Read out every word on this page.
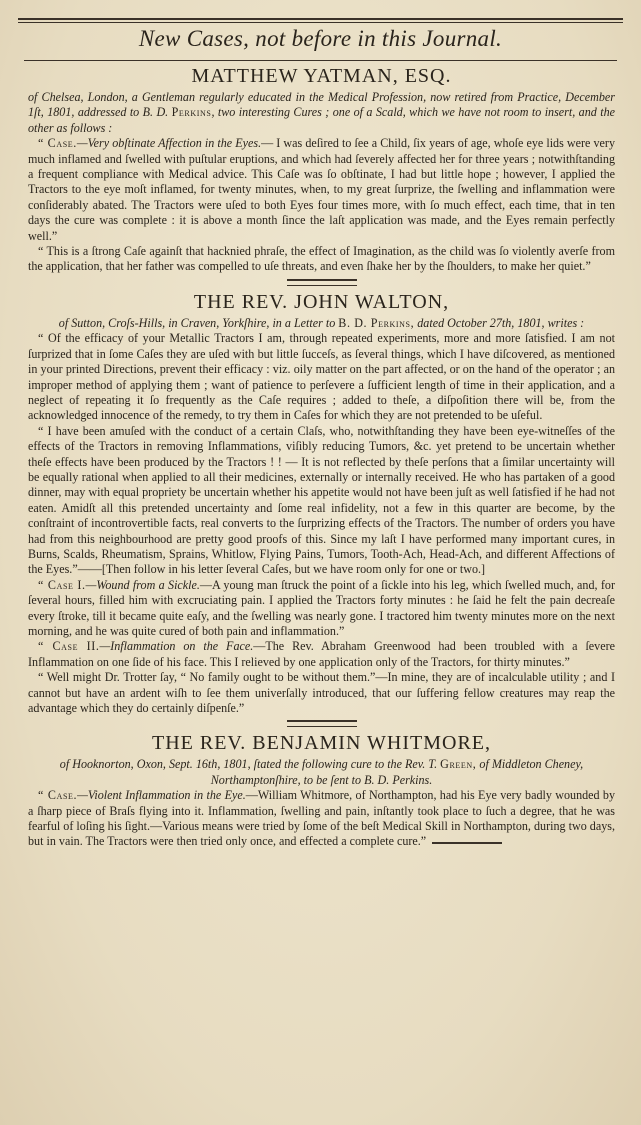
New Cases, not before in this Journal.
MATTHEW YATMAN, ESQ.
of Chelsea, London, a Gentleman regularly educated in the Medical Profession, now retired from Practice, December 1ſt, 1801, addressed to B. D. Perkins, two interesting Cures ; one of a Scald, which we have not room to insert, and the other as follows :

“ Case.—Very obſtinate Affection in the Eyes.— I was deſired to ſee a Child, ſix years of age, whoſe eye lids were very much inflamed and ſwelled with puſtular eruptions, and which had ſeverely affected her for three years ; notwithſtanding a frequent compliance with Medical advice. This Caſe was ſo obſtinate, I had but little hope ; however, I applied the Tractors to the eye moſt inflamed, for twenty minutes, when, to my great ſurprize, the ſwelling and inflammation were conſiderably abated. The Tractors were uſed to both Eyes four times more, with ſo much effect, each time, that in ten days the cure was complete : it is above a month ſince the laſt application was made, and the Eyes remain perfectly well.”

“ This is a ſtrong Caſe againſt that hacknied phraſe, the effect of Imagination, as the child was ſo violently averſe from the application, that her father was compelled to uſe threats, and even ſhake her by the ſhoulders, to make her quiet.”

THE REV. JOHN WALTON,
of Sutton, Croſs-Hills, in Craven, Yorkſhire, in a Letter to B. D. Perkins, dated October 27th, 1801, writes :

“ Of the efficacy of your Metallic Tractors I am, through repeated experiments, more and more ſatisfied. I am not ſurprized that in ſome Caſes they are uſed with but little ſucceſs, as ſeveral things, which I have diſcovered, as mentioned in your printed Directions, prevent their efficacy : viz. oily matter on the part affected, or on the hand of the operator ; an improper method of applying them ; want of patience to perſevere a ſufficient length of time in their application, and a neglect of repeating it ſo frequently as the Caſe requires ; added to theſe, a diſpoſition there will be, from the acknowledged innocence of the remedy, to try them in Caſes for which they are not pretended to be uſeful.

“ I have been amuſed with the conduct of a certain Claſs, who, notwithſtanding they have been eye-witneſſes of the effects of the Tractors in removing Inflammations, viſibly reducing Tumors, &c. yet pretend to be uncertain whether theſe effects have been produced by the Tractors ! ! — It is not reflected by theſe perſons that a ſimilar uncertainty will be equally rational when applied to all their medicines, externally or internally received. He who has partaken of a good dinner, may with equal propriety be uncertain whether his appetite would not have been juſt as well ſatisfied if he had not eaten. Amidſt all this pretended uncertainty and ſome real infidelity, not a few in this quarter are become, by the conſtraint of incontrovertible facts, real converts to the ſurprizing effects of the Tractors. The number of orders you have had from this neighbourhood are pretty good proofs of this. Since my laſt I have performed many important cures, in Burns, Scalds, Rheumatism, Sprains, Whitlow, Flying Pains, Tumors, Tooth-Ach, Head-Ach, and different Affections of the Eyes.”——[Then follow in his letter ſeveral Caſes, but we have room only for one or two.]

“ Case I.—Wound from a Sickle.—A young man ſtruck the point of a ſickle into his leg, which ſwelled much, and, for ſeveral hours, filled him with excruciating pain. I applied the Tractors forty minutes : he ſaid he felt the pain decreaſe every ſtroke, till it became quite eaſy, and the ſwelling was nearly gone. I tractored him twenty minutes more on the next morning, and he was quite cured of both pain and inflammation.”

“ Case II.—Inflammation on the Face.—The Rev. Abraham Greenwood had been troubled with a ſevere Inflammation on one ſide of his face. This I relieved by one application only of the Tractors, for thirty minutes.”

“ Well might Dr. Trotter ſay, “ No family ought to be without them.”—In mine, they are of incalculable utility ; and I cannot but have an ardent wiſh to ſee them univerſally introduced, that our ſuffering fellow creatures may reap the advantage which they do certainly diſpenſe.”

THE REV. BENJAMIN WHITMORE,
of Hooknorton, Oxon, Sept. 16th, 1801, ſtated the following cure to the Rev. T. Green, of Middleton Cheney, Northamptonſhire, to be ſent to B. D. Perkins.

“ Case.—Violent Inflammation in the Eye.—William Whitmore, of Northampton, had his Eye very badly wounded by a ſharp piece of Braſs flying into it. Inflammation, ſwelling and pain, inſtantly took place to ſuch a degree, that he was fearful of loſing his ſight.—Various means were tried by ſome of the beſt Medical Skill in Northampton, during two days, but in vain. The Tractors were then tried only once, and effected a complete cure.”
